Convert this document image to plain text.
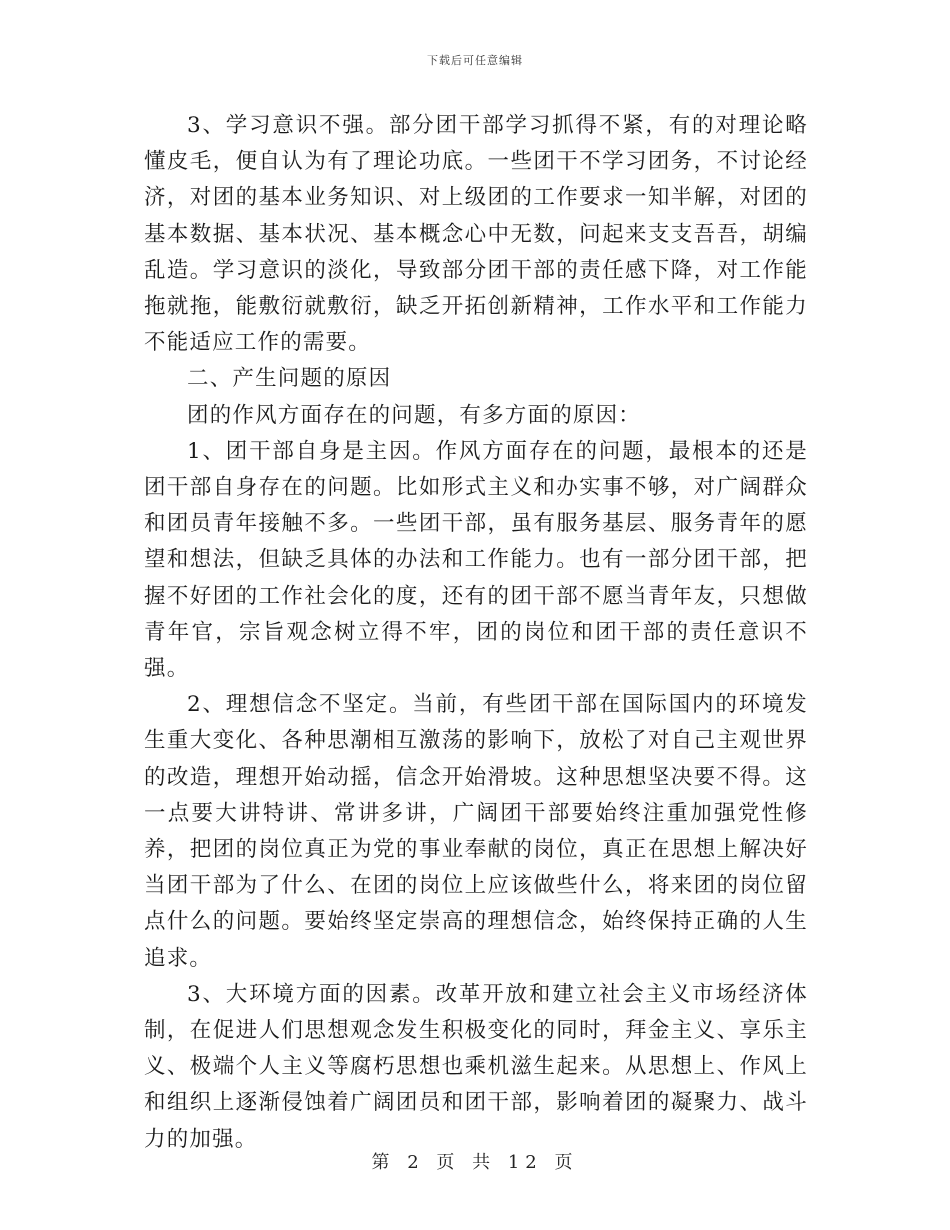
下载后可任意编辑

3、学习意识不强。部分团干部学习抓得不紧，有的对理论略懂皮毛，便自认为有了理论功底。一些团干不学习团务，不讨论经济，对团的基本业务知识、对上级团的工作要求一知半解，对团的基本数据、基本状况、基本概念心中无数，问起来支支吾吾，胡编乱造。学习意识的淡化，导致部分团干部的责任感下降，对工作能拖就拖，能敷衍就敷衍，缺乏开拓创新精神，工作水平和工作能力不能适应工作的需要。

二、产生问题的原因

团的作风方面存在的问题，有多方面的原因：

1、团干部自身是主因。作风方面存在的问题，最根本的还是团干部自身存在的问题。比如形式主义和办实事不够，对广阔群众和团员青年接触不多。一些团干部，虽有服务基层、服务青年的愿望和想法，但缺乏具体的办法和工作能力。也有一部分团干部，把握不好团的工作社会化的度，还有的团干部不愿当青年友，只想做青年官，宗旨观念树立得不牢，团的岗位和团干部的责任意识不强。

2、理想信念不坚定。当前，有些团干部在国际国内的环境发生重大变化、各种思潮相互激荡的影响下，放松了对自己主观世界的改造，理想开始动摇，信念开始滑坡。这种思想坚决要不得。这一点要大讲特讲、常讲多讲，广阔团干部要始终注重加强党性修养，把团的岗位真正为党的事业奉献的岗位，真正在思想上解决好当团干部为了什么、在团的岗位上应该做些什么，将来团的岗位留点什么的问题。要始终坚定崇高的理想信念，始终保持正确的人生追求。

3、大环境方面的因素。改革开放和建立社会主义市场经济体制，在促进人们思想观念发生积极变化的同时，拜金主义、享乐主义、极端个人主义等腐朽思想也乘机滋生起来。从思想上、作风上和组织上逐渐侵蚀着广阔团员和团干部，影响着团的凝聚力、战斗力的加强。

第 2 页 共 12 页
